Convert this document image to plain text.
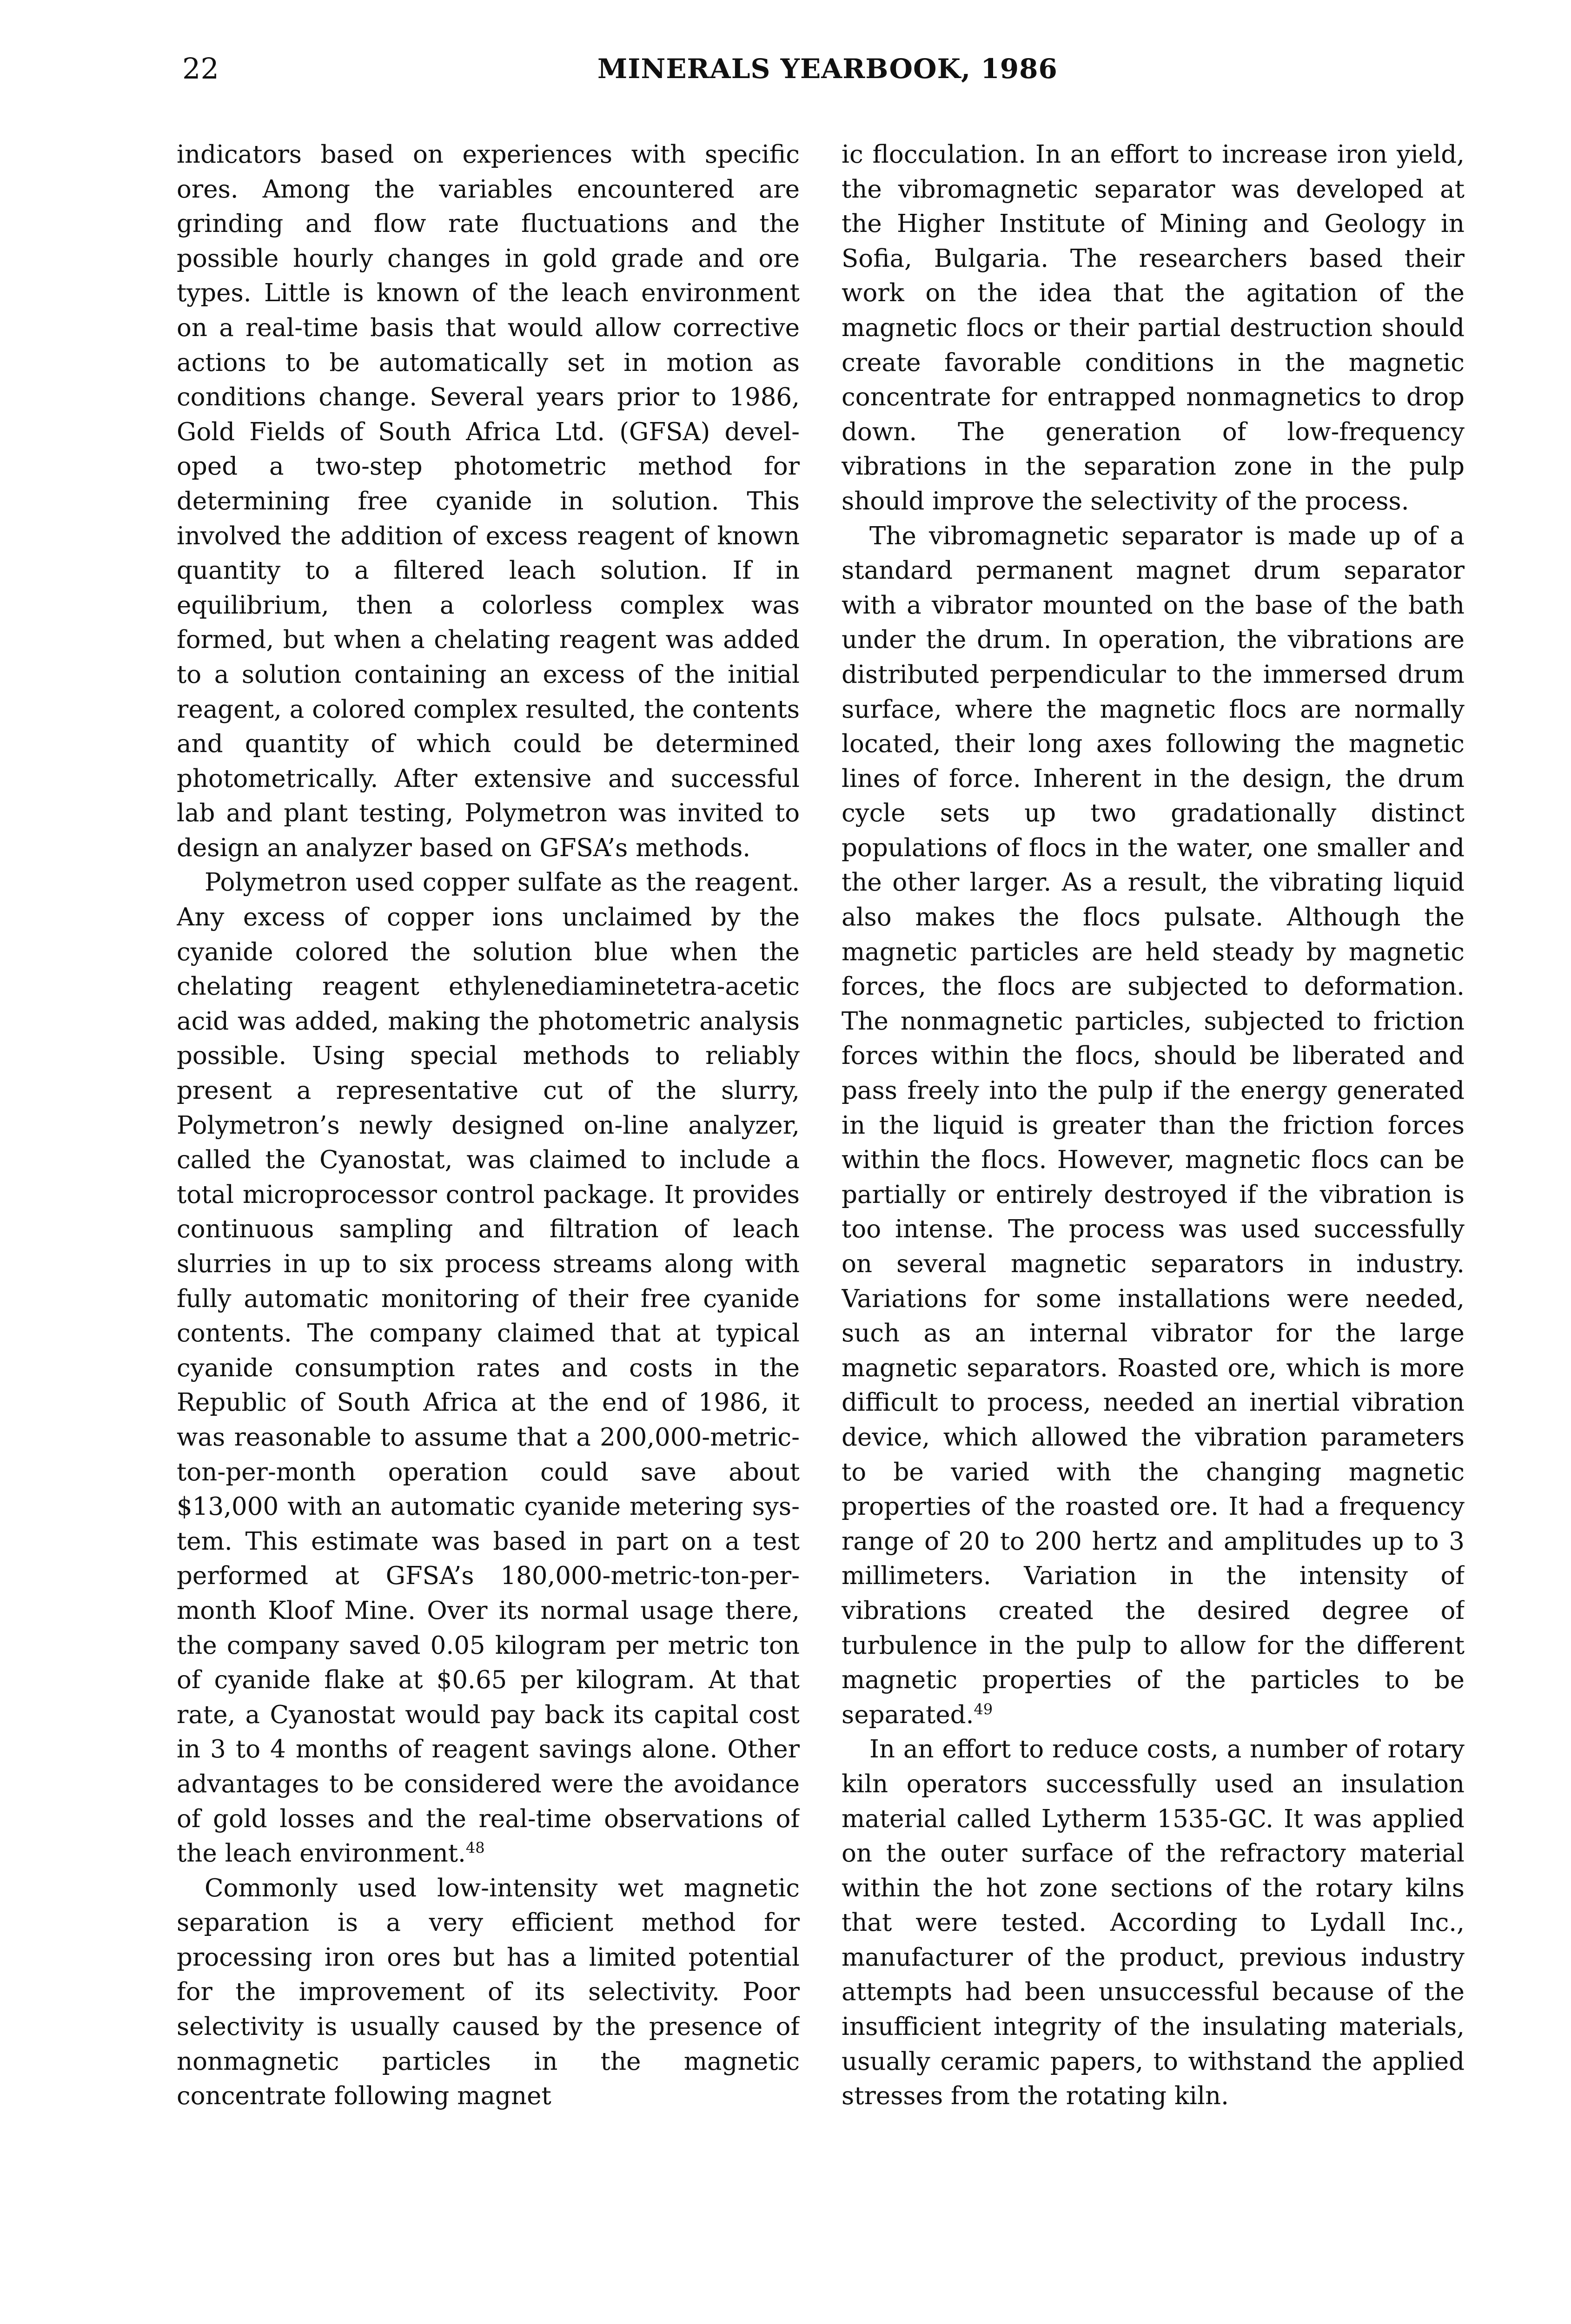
22	MINERALS YEARBOOK, 1986

indicators based on experiences with specific ores. Among the variables encountered are grinding and flow rate fluctuations and the possible hourly changes in gold grade and ore types. Little is known of the leach environment on a real-time basis that would allow corrective actions to be automatically set in motion as conditions change. Several years prior to 1986, Gold Fields of South Africa Ltd. (GFSA) developed a two-step photometric method for determining free cyanide in solution. This involved the addition of excess reagent of known quantity to a filtered leach solution. If in equilibrium, then a colorless complex was formed, but when a chelating reagent was added to a solution containing an excess of the initial reagent, a colored complex resulted, the contents and quantity of which could be determined photometrically. After extensive and successful lab and plant testing, Polymetron was invited to design an analyzer based on GFSA’s methods.

Polymetron used copper sulfate as the reagent. Any excess of copper ions unclaimed by the cyanide colored the solution blue when the chelating reagent ethylenediaminetetra-acetic acid was added, making the photometric analysis possible. Using special methods to reliably present a representative cut of the slurry, Polymetron’s newly designed on-line analyzer, called the Cyanostat, was claimed to include a total microprocessor control package. It provides continuous sampling and filtration of leach slurries in up to six process streams along with fully automatic monitoring of their free cyanide contents. The company claimed that at typical cyanide consumption rates and costs in the Republic of South Africa at the end of 1986, it was reasonable to assume that a 200,000-metric-ton-per-month operation could save about $13,000 with an automatic cyanide metering system. This estimate was based in part on a test performed at GFSA’s 180,000-metric-ton-per-month Kloof Mine. Over its normal usage there, the company saved 0.05 kilogram per metric ton of cyanide flake at $0.65 per kilogram. At that rate, a Cyanostat would pay back its capital cost in 3 to 4 months of reagent savings alone. Other advantages to be considered were the avoidance of gold losses and the real-time observations of the leach environment.$^{48}$

Commonly used low-intensity wet magnetic separation is a very efficient method for processing iron ores but has a limited potential for the improvement of its selectivity. Poor selectivity is usually caused by the presence of nonmagnetic particles in the magnetic concentrate following magnet

ic flocculation. In an effort to increase iron yield, the vibromagnetic separator was developed at the Higher Institute of Mining and Geology in Sofia, Bulgaria. The researchers based their work on the idea that the agitation of the magnetic flocs or their partial destruction should create favorable conditions in the magnetic concentrate for entrapped nonmagnetics to drop down. The generation of low-frequency vibrations in the separation zone in the pulp should improve the selectivity of the process.

The vibromagnetic separator is made up of a standard permanent magnet drum separator with a vibrator mounted on the base of the bath under the drum. In operation, the vibrations are distributed perpendicular to the immersed drum surface, where the magnetic flocs are normally located, their long axes following the magnetic lines of force. Inherent in the design, the drum cycle sets up two gradationally distinct populations of flocs in the water, one smaller and the other larger. As a result, the vibrating liquid also makes the flocs pulsate. Although the magnetic particles are held steady by magnetic forces, the flocs are subjected to deformation. The nonmagnetic particles, subjected to friction forces within the flocs, should be liberated and pass freely into the pulp if the energy generated in the liquid is greater than the friction forces within the flocs. However, magnetic flocs can be partially or entirely destroyed if the vibration is too intense. The process was used successfully on several magnetic separators in industry. Variations for some installations were needed, such as an internal vibrator for the large magnetic separators. Roasted ore, which is more difficult to process, needed an inertial vibration device, which allowed the vibration parameters to be varied with the changing magnetic properties of the roasted ore. It had a frequency range of 20 to 200 hertz and amplitudes up to 3 millimeters. Variation in the intensity of vibrations created the desired degree of turbulence in the pulp to allow for the different magnetic properties of the particles to be separated.$^{49}$

In an effort to reduce costs, a number of rotary kiln operators successfully used an insulation material called Lytherm 1535-GC. It was applied on the outer surface of the refractory material within the hot zone sections of the rotary kilns that were tested. According to Lydall Inc., manufacturer of the product, previous industry attempts had been unsuccessful because of the insufficient integrity of the insulating materials, usually ceramic papers, to withstand the applied stresses from the rotating kiln.
